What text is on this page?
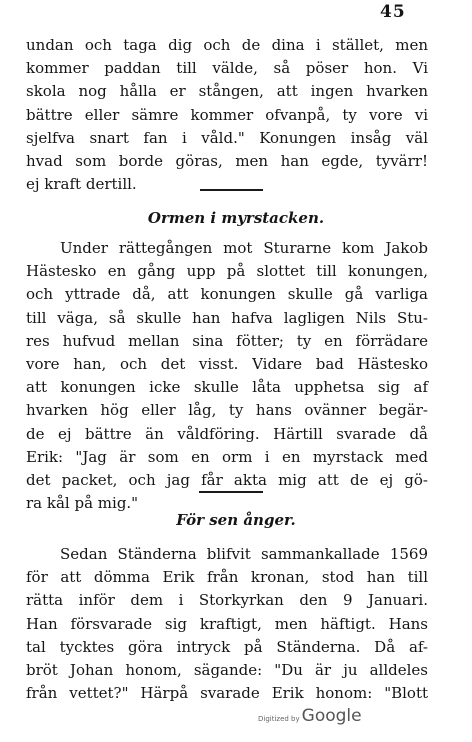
45
undan och taga dig och de dina i stället, men
kommer paddan till välde, så pöser hon. Vi
skola nog hålla er stången, att ingen hvarken
bättre eller sämre kommer ofvanpå, ty vore vi
sjelfva snart fan i våld." Konungen insåg väl
hvad som borde göras, men han egde, tyvärr!
ej kraft dertill.
Ormen i myrstacken.
Under rättegången mot Sturarne kom Jakob
Hästesko en gång upp på slottet till konungen,
och yttrade då, att konungen skulle gå varliga
till väga, så skulle han hafva lagligen Nils Stu-
res hufvud mellan sina fötter; ty en förrädare
vore han, och det visst. Vidare bad Hästesko
att konungen icke skulle låta upphetsa sig af
hvarken hög eller låg, ty hans ovänner begär-
de ej bättre än våldföring. Härtill svarade då
Erik: "Jag är som en orm i en myrstack med
det packet, och jag får akta mig att de ej gö-
ra kål på mig."
För sen ånger.
Sedan Ständerna blifvit sammankallade 1569
för att dömma Erik från kronan, stod han till
rätta inför dem i Storkyrkan den 9 Januari.
Han försvarade sig kraftigt, men häftigt. Hans
tal tycktes göra intryck på Ständerna. Då af-
bröt Johan honom, sägande: "Du är ju alldeles
från vettet?" Härpå svarade Erik honom: "Blott
Digitized by Google
